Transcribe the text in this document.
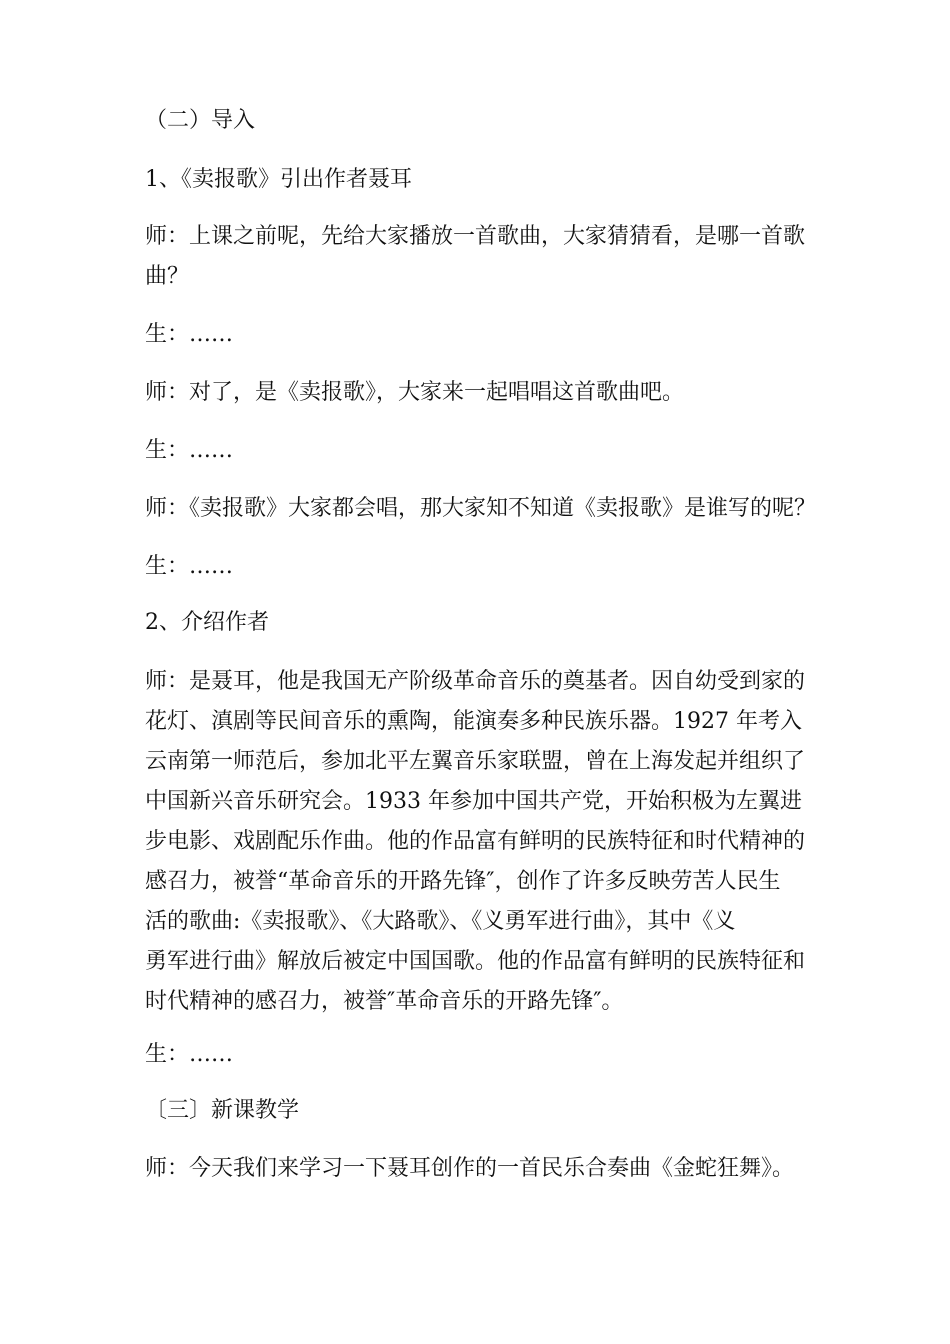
（二）导入
1、《卖报歌》引出作者聂耳
师：上课之前呢，先给大家播放一首歌曲，大家猜猜看，是哪一首歌
曲？
生：……
师：对了，是《卖报歌》，大家来一起唱唱这首歌曲吧。
生：……
师：《卖报歌》大家都会唱，那大家知不知道《卖报歌》是谁写的呢？
生：……
2、介绍作者
师：是聂耳，他是我国无产阶级革命音乐的奠基者。因自幼受到家的
花灯、滇剧等民间音乐的熏陶，能演奏多种民族乐器。1927 年考入
云南第一师范后，参加北平左翼音乐家联盟，曾在上海发起并组织了
中国新兴音乐研究会。1933 年参加中国共产党，开始积极为左翼进
步电影、戏剧配乐作曲。他的作品富有鲜明的民族特征和时代精神的
感召力，被誉“革命音乐的开路先锋″，创作了许多反映劳苦人民生
活的歌曲:《卖报歌》、《大路歌》、《义勇军进行曲》，其中《义
勇军进行曲》解放后被定中国国歌。他的作品富有鲜明的民族特征和
时代精神的感召力，被誉″革命音乐的开路先锋″。
生：……
〔三〕新课教学
师：今天我们来学习一下聂耳创作的一首民乐合奏曲《金蛇狂舞》。
